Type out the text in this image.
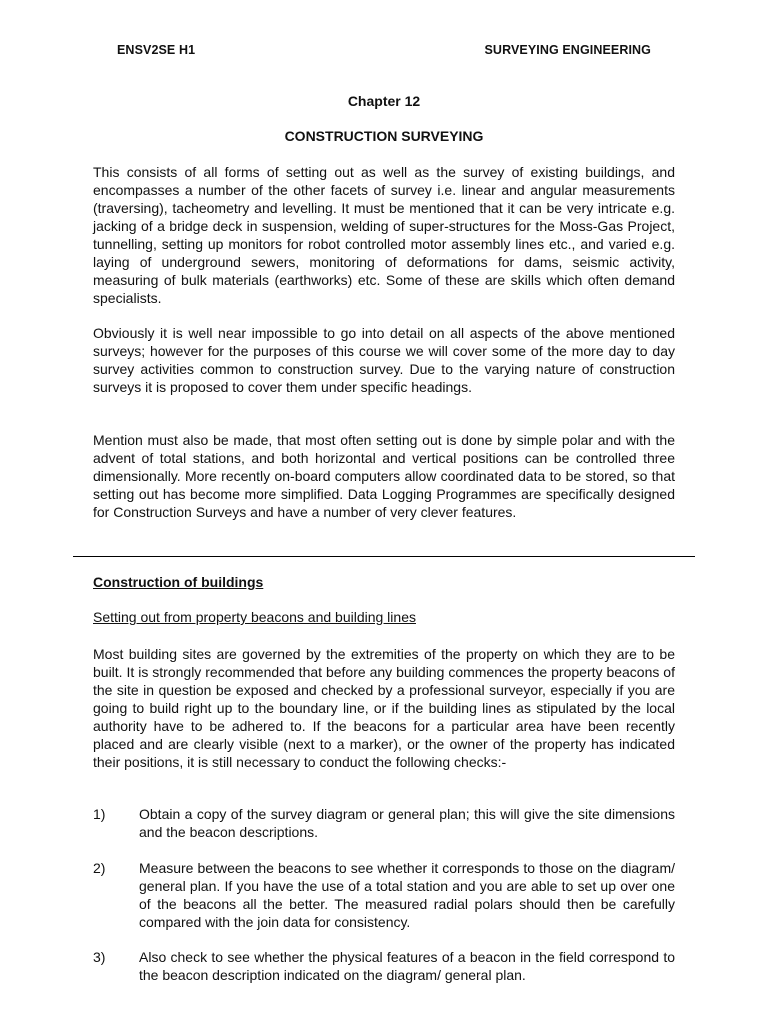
ENSV2SE H1	SURVEYING ENGINEERING
Chapter 12
CONSTRUCTION SURVEYING

This consists of all forms of setting out as well as the survey of existing buildings, and encompasses a number of the other facets of survey i.e. linear and angular measurements (traversing), tacheometry and levelling. It must be mentioned that it can be very intricate e.g. jacking of a bridge deck in suspension, welding of super-structures for the Moss-Gas Project, tunnelling, setting up monitors for robot controlled motor assembly lines etc., and varied e.g. laying of underground sewers, monitoring of deformations for dams, seismic activity, measuring of bulk materials (earthworks) etc. Some of these are skills which often demand specialists.

Obviously it is well near impossible to go into detail on all aspects of the above mentioned surveys; however for the purposes of this course we will cover some of the more day to day survey activities common to construction survey. Due to the varying nature of construction surveys it is proposed to cover them under specific headings.

Mention must also be made, that most often setting out is done by simple polar and with the advent of total stations, and both horizontal and vertical positions can be controlled three dimensionally. More recently on-board computers allow coordinated data to be stored, so that setting out has become more simplified. Data Logging Programmes are specifically designed for Construction Surveys and have a number of very clever features.

Construction of buildings
Setting out from property beacons and building lines

Most building sites are governed by the extremities of the property on which they are to be built. It is strongly recommended that before any building commences the property beacons of the site in question be exposed and checked by a professional surveyor, especially if you are going to build right up to the boundary line, or if the building lines as stipulated by the local authority have to be adhered to. If the beacons for a particular area have been recently placed and are clearly visible (next to a marker), or the owner of the property has indicated their positions, it is still necessary to conduct the following checks:-

1)	Obtain a copy of the survey diagram or general plan; this will give the site dimensions and the beacon descriptions.
2)	Measure between the beacons to see whether it corresponds to those on the diagram/ general plan. If you have the use of a total station and you are able to set up over one of the beacons all the better. The measured radial polars should then be carefully compared with the join data for consistency.
3)	Also check to see whether the physical features of a beacon in the field correspond to the beacon description indicated on the diagram/ general plan.
